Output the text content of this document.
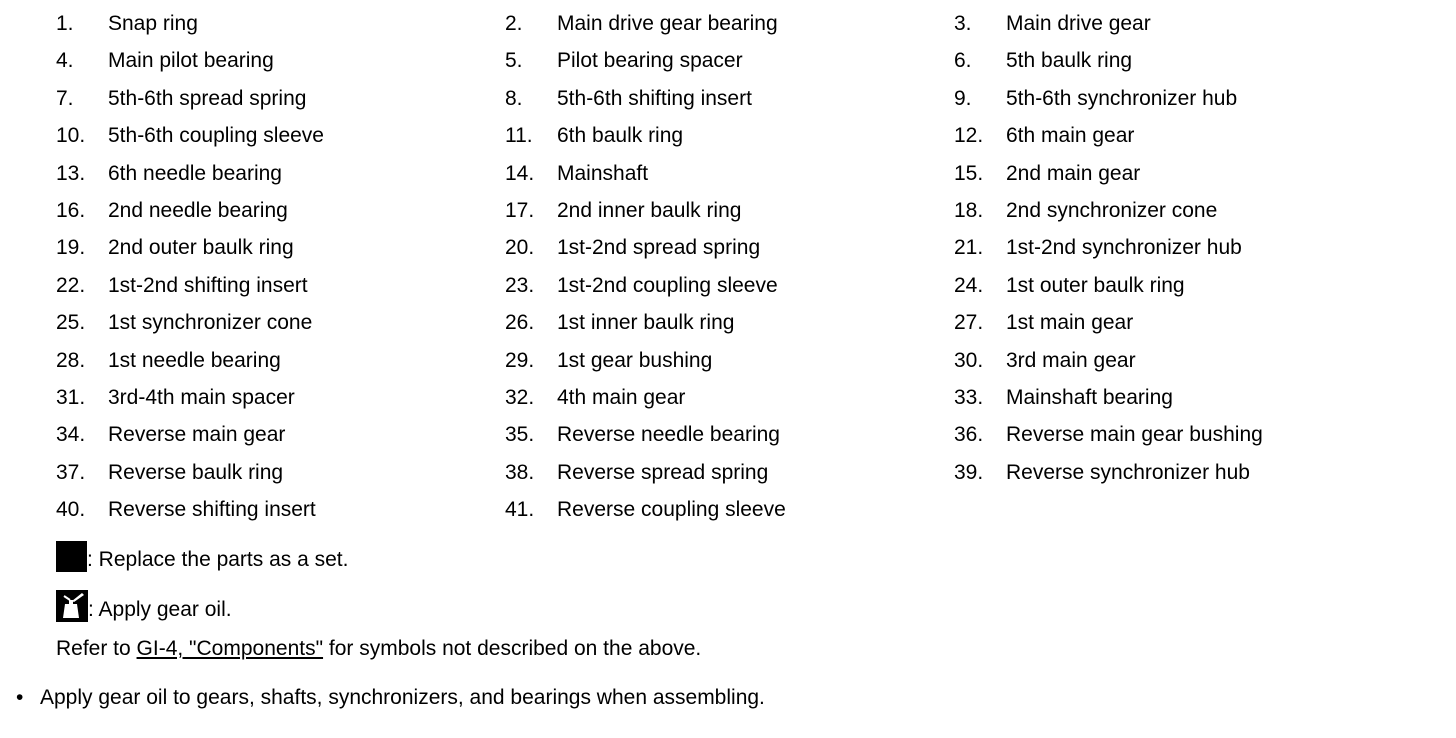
1. Snap ring	2. Main drive gear bearing	3. Main drive gear
4. Main pilot bearing	5. Pilot bearing spacer	6. 5th baulk ring
7. 5th-6th spread spring	8. 5th-6th shifting insert	9. 5th-6th synchronizer hub
10. 5th-6th coupling sleeve	11. 6th baulk ring	12. 6th main gear
13. 6th needle bearing	14. Mainshaft	15. 2nd main gear
16. 2nd needle bearing	17. 2nd inner baulk ring	18. 2nd synchronizer cone
19. 2nd outer baulk ring	20. 1st-2nd spread spring	21. 1st-2nd synchronizer hub
22. 1st-2nd shifting insert	23. 1st-2nd coupling sleeve	24. 1st outer baulk ring
25. 1st synchronizer cone	26. 1st inner baulk ring	27. 1st main gear
28. 1st needle bearing	29. 1st gear bushing	30. 3rd main gear
31. 3rd-4th main spacer	32. 4th main gear	33. Mainshaft bearing
34. Reverse main gear	35. Reverse needle bearing	36. Reverse main gear bushing
37. Reverse baulk ring	38. Reverse spread spring	39. Reverse synchronizer hub
40. Reverse shifting insert	41. Reverse coupling sleeve
: Replace the parts as a set.
: Apply gear oil.
Refer to GI-4, "Components" for symbols not described on the above.
• Apply gear oil to gears, shafts, synchronizers, and bearings when assembling.
